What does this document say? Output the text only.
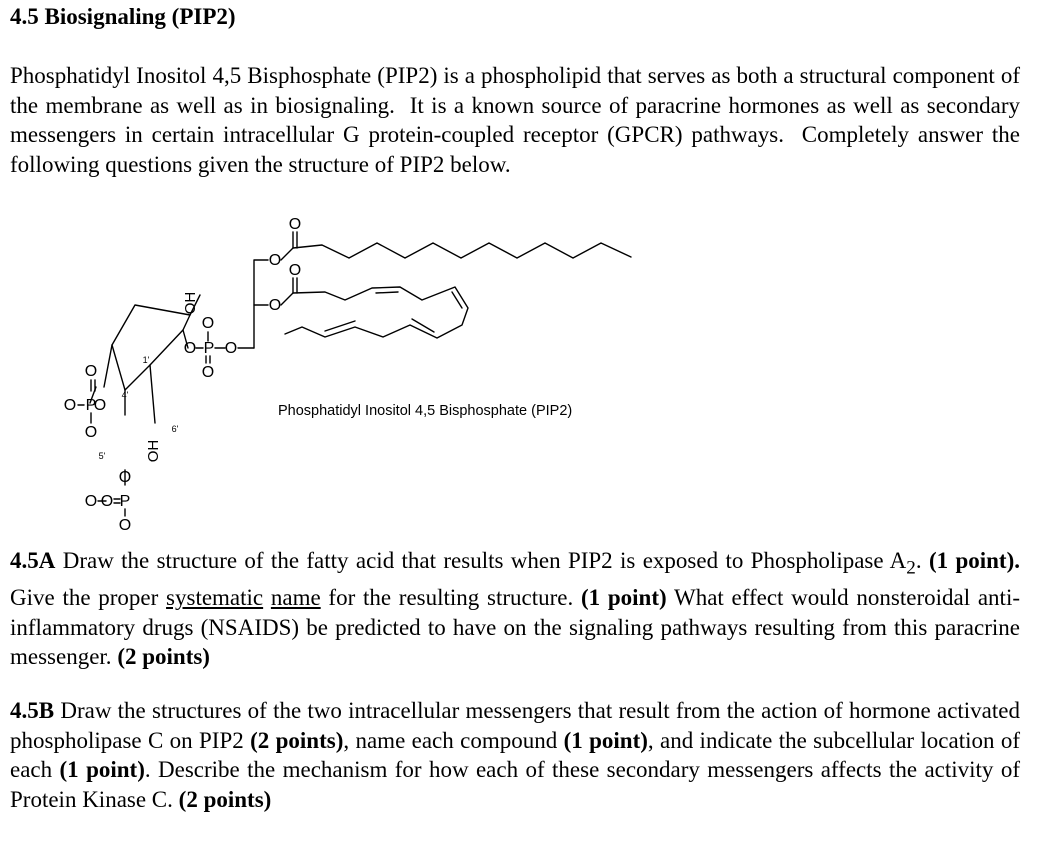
4.5 Biosignaling (PIP2)

Phosphatidyl Inositol 4,5 Bisphosphate (PIP2) is a phospholipid that serves as both a structural component of the membrane as well as in biosignaling. It is a known source of paracrine hormones as well as secondary messengers in certain intracellular G protein-coupled receptor (GPCR) pathways. Completely answer the following questions given the structure of PIP2 below.

O
O
O
O
O P O
O
O
OH
1'
4'
5'
6'
OH
O
O
P
O
O
O
P
O
O
O
Phosphatidyl Inositol 4,5 Bisphosphate (PIP2)

4.5A Draw the structure of the fatty acid that results when PIP2 is exposed to Phospholipase $A_2$. (1 point). Give the proper systematic name for the resulting structure. (1 point) What effect would nonsteroidal anti-inflammatory drugs (NSAIDS) be predicted to have on the signaling pathways resulting from this paracrine messenger. (2 points)

4.5B Draw the structures of the two intracellular messengers that result from the action of hormone activated phospholipase C on PIP2 (2 points), name each compound (1 point), and indicate the subcellular location of each (1 point). Describe the mechanism for how each of these secondary messengers affects the activity of Protein Kinase C. (2 points)
